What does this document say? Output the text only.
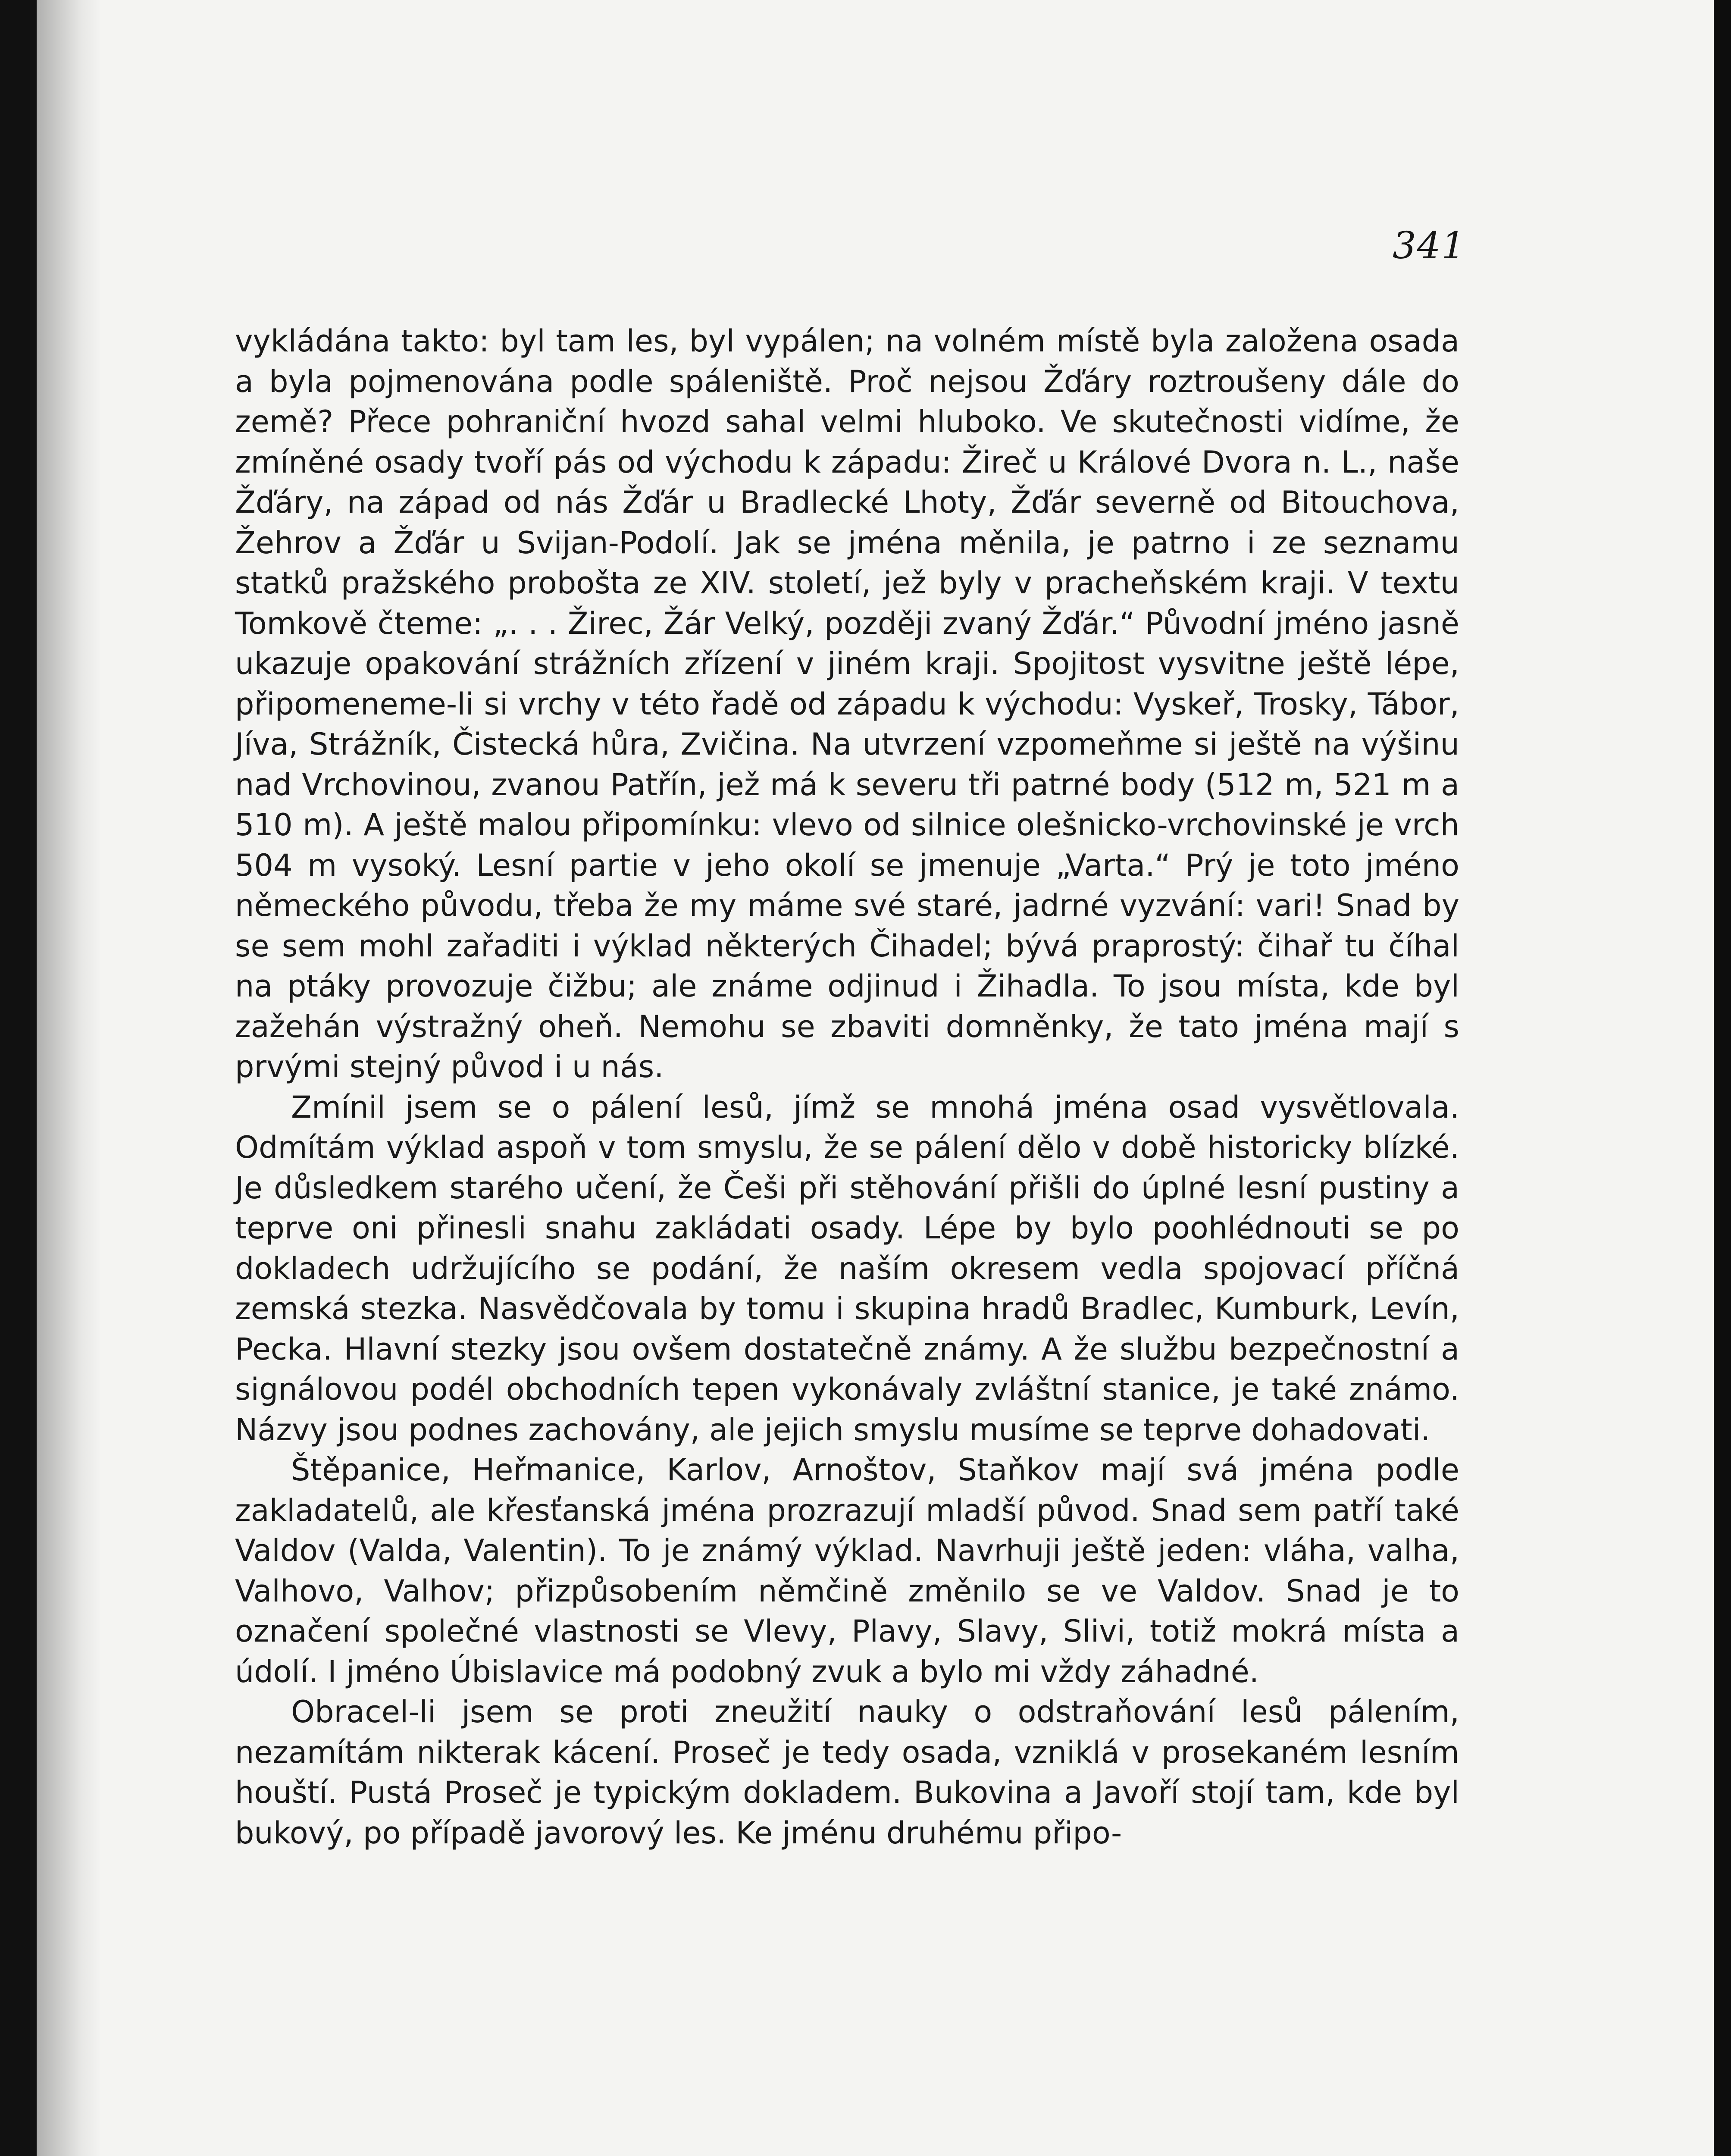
341

vykládána takto: byl tam les, byl vypálen; na volném místě byla založena osada a byla pojmenována podle spáleniště. Proč nejsou Žďáry roztroušeny dále do země? Přece pohraniční hvozd sahal velmi hluboko. Ve skutečnosti vidíme, že zmíněné osady tvoří pás od východu k západu: Žireč u Králové Dvora n. L., naše Žďáry, na západ od nás Žďár u Bradlecké Lhoty, Žďár severně od Bitouchova, Žehrov a Žďár u Svijan-Podolí. Jak se jména měnila, je patrno i ze seznamu statků pražského probošta ze XIV. století, jež byly v pracheňském kraji. V textu Tomkově čteme: „. . . Žirec, Žár Velký, později zvaný Žďár.“ Původní jméno jasně ukazuje opakování strážních zřízení v jiném kraji. Spojitost vysvitne ještě lépe, připomeneme-li si vrchy v této řadě od západu k východu: Vyskeř, Trosky, Tábor, Jíva, Strážník, Čistecká hůra, Zvičina. Na utvrzení vzpomeňme si ještě na výšinu nad Vrchovinou, zvanou Patřín, jež má k severu tři patrné body (512 m, 521 m a 510 m). A ještě malou připomínku: vlevo od silnice olešnicko-vrchovinské je vrch 504 m vysoký. Lesní partie v jeho okolí se jmenuje „Varta.“ Prý je toto jméno německého původu, třeba že my máme své staré, jadrné vyzvání: vari! Snad by se sem mohl zařaditi i výklad některých Čihadel; bývá praprostý: čihař tu číhal na ptáky provozuje čižbu; ale známe odjinud i Žihadla. To jsou místa, kde byl zažehán výstražný oheň. Nemohu se zbaviti domněnky, že tato jména mají s prvými stejný původ i u nás.

Zmínil jsem se o pálení lesů, jímž se mnohá jména osad vysvětlovala. Odmítám výklad aspoň v tom smyslu, že se pálení dělo v době historicky blízké. Je důsledkem starého učení, že Češi při stěhování přišli do úplné lesní pustiny a teprve oni přinesli snahu zakládati osady. Lépe by bylo poohlédnouti se po dokladech udržujícího se podání, že naším okresem vedla spojovací příčná zemská stezka. Nasvědčovala by tomu i skupina hradů Bradlec, Kumburk, Levín, Pecka. Hlavní stezky jsou ovšem dostatečně známy. A že službu bezpečnostní a signálovou podél obchodních tepen vykonávaly zvláštní stanice, je také známo. Názvy jsou podnes zachovány, ale jejich smyslu musíme se teprve dohadovati.

Štěpanice, Heřmanice, Karlov, Arnoštov, Staňkov mají svá jména podle zakladatelů, ale křesťanská jména prozrazují mladší původ. Snad sem patří také Valdov (Valda, Valentin). To je známý výklad. Navrhuji ještě jeden: vláha, valha, Valhovo, Valhov; přizpůsobením němčině změnilo se ve Valdov. Snad je to označení společné vlastnosti se Vlevy, Plavy, Slavy, Slivi, totiž mokrá místa a údolí. I jméno Úbislavice má podobný zvuk a bylo mi vždy záhadné.

Obracel-li jsem se proti zneužití nauky o odstraňování lesů pálením, nezamítám nikterak kácení. Proseč je tedy osada, vzniklá v prosekaném lesním houští. Pustá Proseč je typickým dokladem. Bukovina a Javoří stojí tam, kde byl bukový, po případě javorový les. Ke jménu druhému připo-
